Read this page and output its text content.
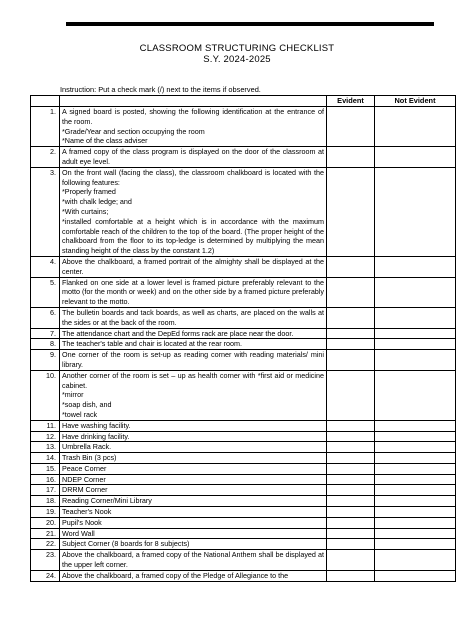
CLASSROOM STRUCTURING CHECKLIST
S.Y. 2024-2025
Instruction: Put a check mark (/) next to the items if observed.
		Evident	Not Evident
1.	A signed board is posted, showing the following identification at the entrance of the room.
*Grade/Year and section occupying the room
*Name of the class adviser		

2.	A framed copy of the class program is displayed on the door of the classroom at adult eye level.		

3.	On the front wall (facing the class), the classroom chalkboard is located with the following features:
*Properly framed
*with chalk ledge; and
*With curtains;
*installed comfortable at a height which is in accordance with the maximum comfortable reach of the children to the top of the board. (The proper height of the chalkboard from the floor to its top-ledge is determined by multiplying the mean standing height of the class by the constant 1.2)		

4.	Above the chalkboard, a framed portrait of the almighty shall be displayed at the center.		

5.	Flanked on one side at a lower level is framed picture preferably relevant to the motto (for the month or week) and on the other side by a framed picture preferably relevant to the motto.		

6.	The bulletin boards and tack boards, as well as charts, are placed on the walls at the sides or at the back of the room.		

7.	The attendance chart and the DepEd forms rack are place near the door.		

8.	The teacher's table and chair is located at the rear room.		

9.	One corner of the room is set-up as reading corner with reading materials/ mini library.		

10.	Another corner of the room is set – up as health corner with *first aid or medicine cabinet.
*mirror
*soap dish, and
*towel rack		

11.	Have washing facility.		

12.	Have drinking facility.		

13.	Umbrella Rack.		

14.	Trash Bin (3 pcs)		

15.	Peace Corner		

16.	NDEP Corner		

17.	DRRM Corner		

18.	Reading Corner/Mini Library		

19.	Teacher's Nook		

20.	Pupil's Nook		

21.	Word Wall		

22.	Subject Corner (8 boards for 8 subjects)		

23.	Above the chalkboard, a framed copy of the National Anthem shall be displayed at the upper left corner.		

24.	Above the chalkboard, a framed copy of the Pledge of Allegiance to the		
